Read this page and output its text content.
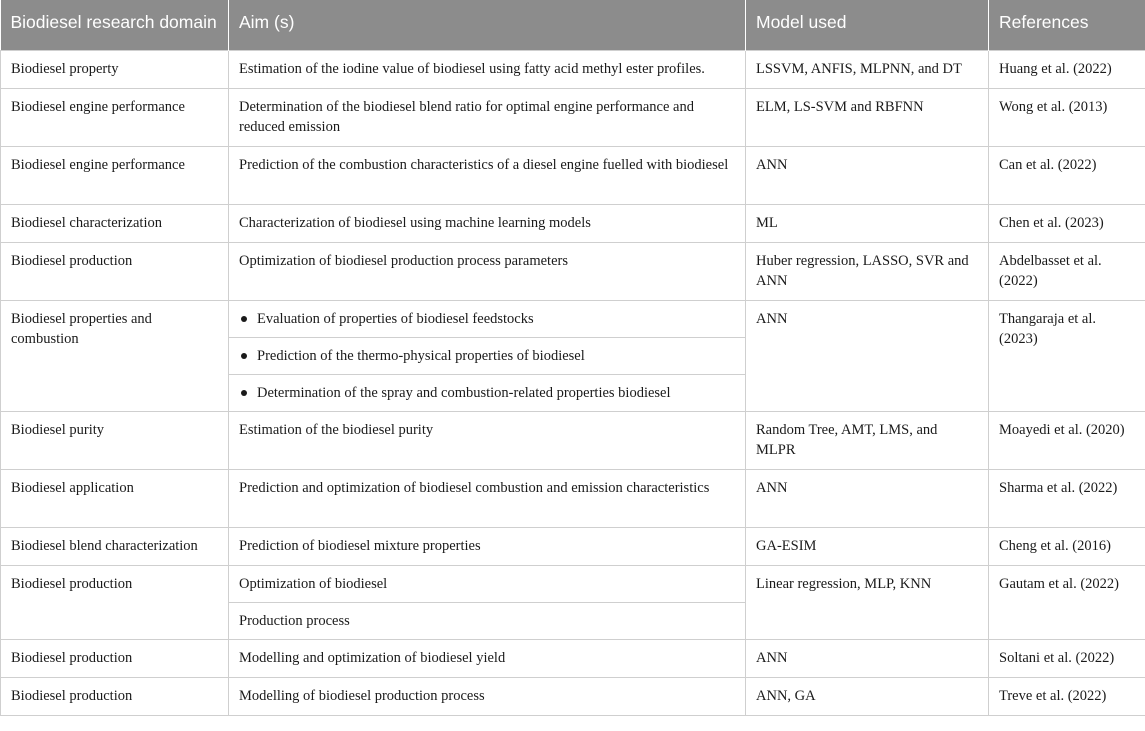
Biodiesel research domain	Aim (s)	Model used	References
Biodiesel property	Estimation of the iodine value of biodiesel using fatty acid methyl ester profiles.	LSSVM, ANFIS, MLPNN, and DT	Huang et al. (2022)
Biodiesel engine performance	Determination of the biodiesel blend ratio for optimal engine performance and reduced emission	ELM, LS-SVM and RBFNN	Wong et al. (2013)
Biodiesel engine performance	Prediction of the combustion characteristics of a diesel engine fuelled with biodiesel	ANN	Can et al. (2022)
Biodiesel characterization	Characterization of biodiesel using machine learning models	ML	Chen et al. (2023)
Biodiesel production	Optimization of biodiesel production process parameters	Huber regression, LASSO, SVR and ANN	Abdelbasset et al. (2022)
Biodiesel properties and combustion	Evaluation of properties of biodiesel feedstocks	ANN	Thangaraja et al. (2023)

	Prediction of the thermo-physical properties of biodiesel		

	Determination of the spray and combustion-related properties biodiesel		

Biodiesel purity	Estimation of the biodiesel purity	Random Tree, AMT, LMS, and MLPR	Moayedi et al. (2020)
Biodiesel application	Prediction and optimization of biodiesel combustion and emission characteristics	ANN	Sharma et al. (2022)
Biodiesel blend characterization	Prediction of biodiesel mixture properties	GA-ESIM	Cheng et al. (2016)
Biodiesel production	Optimization of biodiesel	Linear regression, MLP, KNN	Gautam et al. (2022)
	Production process		
Biodiesel production	Modelling and optimization of biodiesel yield	ANN	Soltani et al. (2022)
Biodiesel production	Modelling of biodiesel production process	ANN, GA	Treve et al. (2022)
